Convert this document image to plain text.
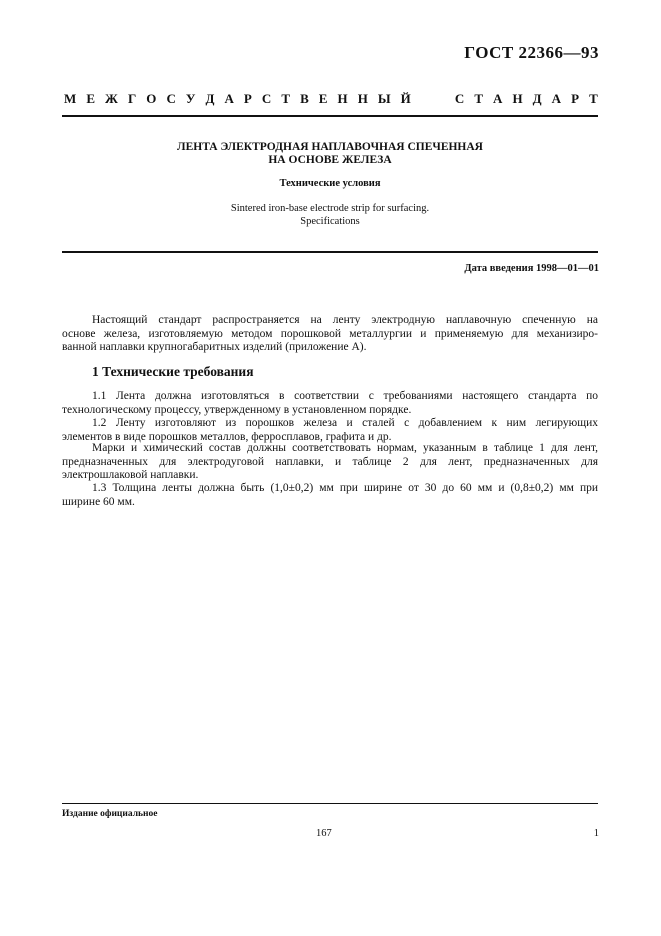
ГОСТ 22366—93
М Е Ж Г О С У Д А Р С Т В Е Н Н Ы Й	С Т А Н Д А Р Т
ЛЕНТА ЭЛЕКТРОДНАЯ НАПЛАВОЧНАЯ СПЕЧЕННАЯ
НА ОСНОВЕ ЖЕЛЕЗА
Технические условия
Sintered iron-base electrode strip for surfacing.
Specifications
Дата введения 1998—01—01
Настоящий стандарт распространяется на ленту электродную наплавочную спеченную на
основе железа, изготовляемую методом порошковой металлургии и применяемую для механизиро-
ванной наплавки крупногабаритных изделий (приложение А).
1 Технические требования
1.1 Лента должна изготовляться в соответствии с требованиями настоящего стандарта по
технологическому процессу, утвержденному в установленном порядке.
1.2 Ленту изготовляют из порошков железа и сталей с добавлением к ним легирующих
элементов в виде порошков металлов, ферросплавов, графита и др.
Марки и химический состав должны соответствовать нормам, указанным в таблице 1 для лент,
предназначенных для электродуговой наплавки, и таблице 2 для лент, предназначенных для
электрошлаковой наплавки.
1.3 Толщина ленты должна быть (1,0±0,2) мм при ширине от 30 до 60 мм и (0,8±0,2) мм при
ширине 60 мм.
Издание официальное
167	1
